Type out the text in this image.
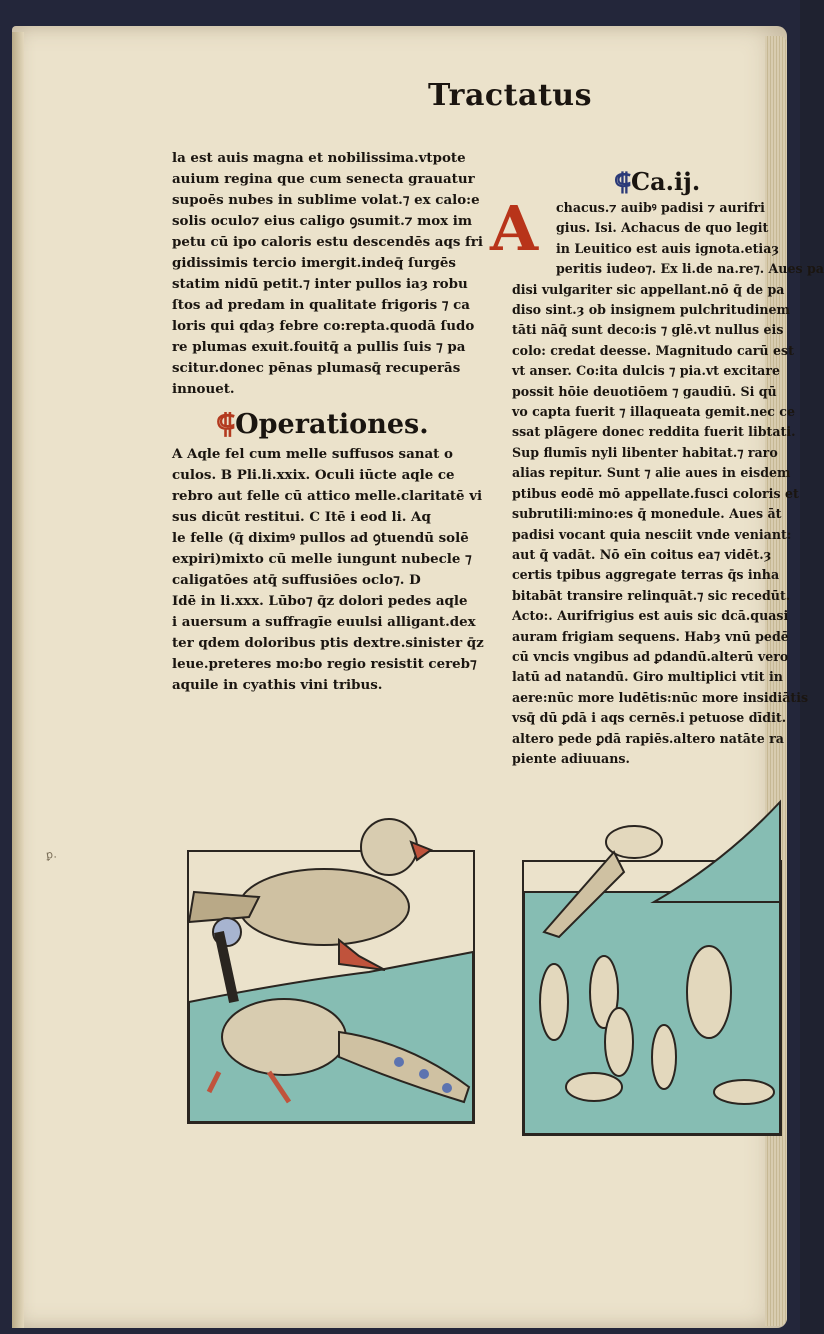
Tractatus
la est auis magna et nobilissima.vtpote
auium regina que cum senecta grauatur
supoēs nubes in sublime volat.⁊ ex calo:e
solis oculo⁊ eius caligo ꝯsumit.⁊ mox im
petu cū ipo caloris estu descendēs aqs fri
gidissimis tercio imergit.indeq̄ ſurgēs
statim nidū petit.⁊ inter pullos iaȝ robu
ſtos ad predam in qualitate frigoris ⁊ ca
loris qui qdaȝ febre co:repta.quodā ſudo
re plumas exuit.fouitq̄ a pullis ſuis ⁊ pa
scitur.donec pēnas plumasq̄ recuperās
innouet.
⸿Operationes.
A Aqle fel cum melle suffusos sanat o
culos. B Pli.li.xxix. Oculi iūcte aqle ce
rebro aut felle cū attico melle.claritatē vi
sus dicūt restitui. C Itē i eod li. Aq
le felle (q̄ diximꝰ pullos ad ꝯtuendū solē
expiri)mixto cū melle iungunt nubecle ⁊
caligatōes atq̄ suffusiōes oclo⁊. D
Idē in li.xxx. Lūbo⁊ q̄z dolori pedes aqle
i auersum a suffragīe euulsi alligant.dex
ter qdem doloribus ptis dextre.sinister q̄z
leue.preteres mo:bo regio resistit cereb⁊
aquile in cyathis vini tribus.
⸿Ca.ij.
A	chacus.⁊ auibꝰ padisi ⁊ aurifri
gius. Isi. Achacus de quo legit
in Leuitico est auis ignota.etiaȝ
peritis iudeo⁊. Ex li.de na.re⁊. Aues pa
disi vulgariter sic appellant.nō q̄ de pa
diso sint.ȝ ob insignem pulchritudinem
tāti nāq̄ sunt deco:is ⁊ glē.vt nullus eis
colo: credat deesse. Magnitudo carū est
vt anser. Co:ita dulcis ⁊ pia.vt excitare
possit hōie deuotiōem ⁊ gaudiū. Si qū
vo capta fuerit ⁊ illaqueata gemit.nec ce
ssat plāgere donec reddita fuerit libtati.
Sup flumīs nyli libenter habitat.⁊ raro
alias repitur. Sunt ⁊ alie aues in eisdem
ptibus eodē mō appellate.fusci coloris et
subrutili:mino:es q̄ monedule. Aues āt
padisi vocant quia nesciit vnde veniant:
aut q̄ vadāt. Nō eīn coitus ea⁊ vidēt.ȝ
certis tpibus aggregate terras q̄s inha
bitabāt transire relinquāt.⁊ sic recedūt.
Acto:. Aurifrigius est auis sic dcā.quasi
auram frigiam sequens. Habȝ vnū pedē
cū vncis vngibus ad ꝑdandū.alterū vero
latū ad natandū. Giro multiplici vtit in
aere:nūc more ludētis:nūc more insidiātis
vsq̄ dū ꝑdā i aqs cernēs.i petuose dīdit.
altero pede ꝑdā rapiēs.altero natāte ra
piente adiuuans.
ꝑ.
